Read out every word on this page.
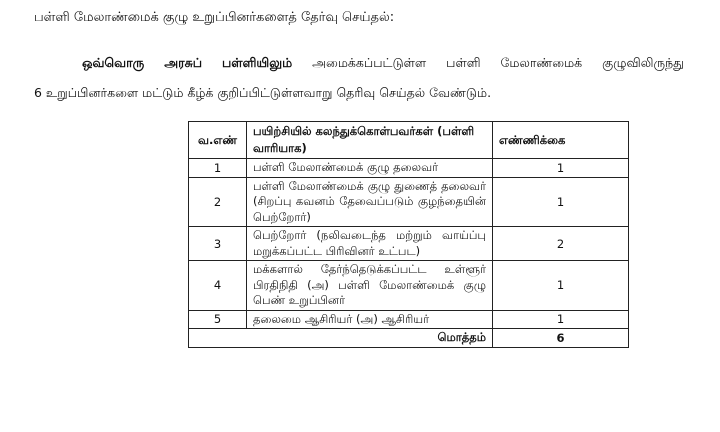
பள்ளி மேலாண்மைக் குழு உறுப்பினர்களைத் தேர்வு செய்தல்:
ஒவ்வொரு அரசுப் பள்ளியிலும் அமைக்கப்பட்டுள்ள பள்ளி மேலாண்மைக் குழுவிலிருந்து
6 உறுப்பினர்களை மட்டும் கீழ்க் குறிப்பிட்டுள்ளவாறு தெரிவு செய்தல் வேண்டும்.
வ.எண்	பயிற்சியில் கலந்துக்கொள்பவர்கள் (பள்ளி வாரியாக)	எண்ணிக்கை
1	பள்ளி மேலாண்மைக் குழு தலைவர்	1
2	பள்ளி மேலாண்மைக் குழு துணைத் தலைவர் (சிறப்பு கவனம் தேவைப்படும் குழந்தையின் பெற்றோர்)	1
3	பெற்றோர் (நலிவடைந்த மற்றும் வாய்ப்பு மறுக்கப்பட்ட பிரிவினர் உட்பட)	2
4	மக்களால் தேர்ந்தெடுக்கப்பட்ட உள்ளூர் பிரதிநிதி (அ) பள்ளி மேலாண்மைக் குழு பெண் உறுப்பினர்	1
5	தலைமை ஆசிரியர் (அ) ஆசிரியர்	1
மொத்தம்		6
